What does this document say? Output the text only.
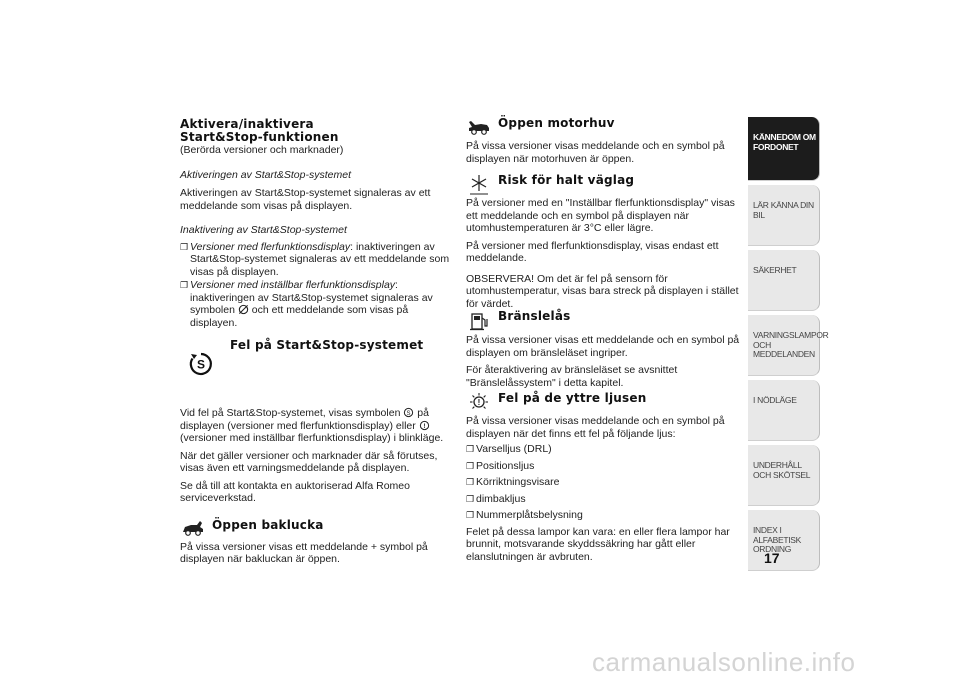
Aktivera/inaktivera
Start&Stop-funktionen

(Berörda versioner och marknader)

Aktiveringen av Start&Stop-systemet

Aktiveringen av Start&Stop-systemet signaleras av ett meddelande som visas på displayen.

Inaktivering av Start&Stop-systemet

❐ Versioner med flerfunktionsdisplay: inaktiveringen av Start&Stop-systemet signaleras av ett meddelande som visas på displayen.
❐ Versioner med inställbar flerfunktionsdisplay: inaktiveringen av Start&Stop-systemet signaleras av symbolen och ett meddelande som visas på displayen.
Fel på Start&Stop-systemet
S

Vid fel på Start&Stop-systemet, visas symbolen S på displayen (versioner med flerfunktionsdisplay) eller !
(versioner med inställbar flerfunktionsdisplay) i blinkläge.

När det gäller versioner och marknader där så förutses, visas även ett varningsmeddelande på displayen.

Se då till att kontakta en auktoriserad Alfa Romeo serviceverkstad.

Öppen baklucka

På vissa versioner visas ett meddelande + symbol på displayen när bakluckan är öppen.

Öppen motorhuv

På vissa versioner visas meddelande och en symbol på displayen när motorhuven är öppen.

Risk för halt väglag

På versioner med en "Inställbar flerfunktionsdisplay" visas ett meddelande och en symbol på displayen när utomhustemperaturen är 3°C eller lägre.

På versioner med flerfunktionsdisplay, visas endast ett meddelande.

OBSERVERA! Om det är fel på sensorn för utomhustemperatur, visas bara streck på displayen i stället för värdet.

Bränslelås

På vissa versioner visas ett meddelande och en symbol på displayen om bränsleläset ingriper.

För återaktivering av bränsleläset se avsnittet "Bränslelåssystem" i detta kapitel.

! Fel på de yttre ljusen

På vissa versioner visas meddelande och en symbol på displayen när det finns ett fel på följande ljus:

❐ Varselljus (DRL)
❐ Positionsljus
❐ Körriktningsvisare
❐ dimbakljus
❐ Nummerplåtsbelysning

Felet på dessa lampor kan vara: en eller flera lampor har brunnit, motsvarande skyddssäkring har gått eller elanslutningen är avbruten.

KÄNNEDOM OM FORDONET
LÄR KÄNNA DIN BIL
SÄKERHET
VARNINGSLAMPOR OCH MEDDELANDEN
I NÖDLÄGE
UNDERHÅLL OCH SKÖTSEL
INDEX I ALFABETISK ORDNING
17
carmanualsonline.info
